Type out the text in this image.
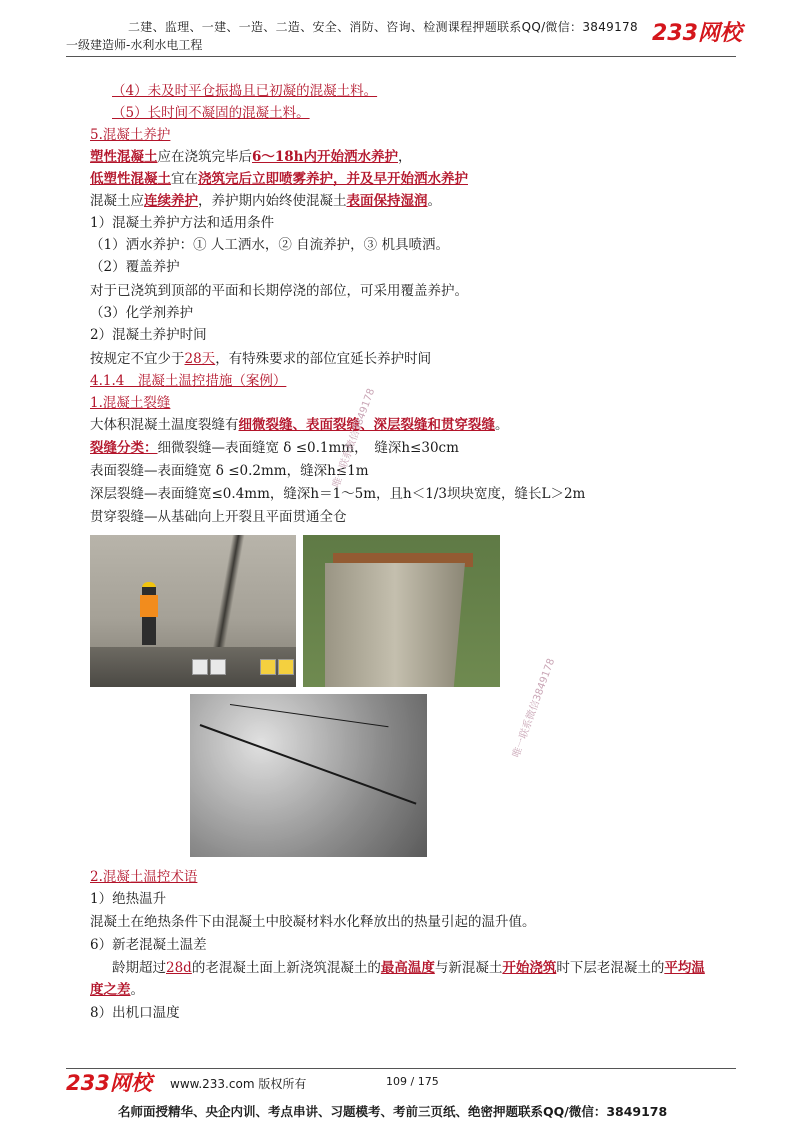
二建、监理、一建、一造、二造、安全、消防、咨询、检测课程押题联系QQ/微信：3849178
一级建造师-水利水电工程	233网校
（4）未及时平仓振捣且已初凝的混凝土料。
（5）长时间不凝固的混凝土料。
5.混凝土养护
塑性混凝土应在浇筑完毕后6～18h内开始洒水养护，
低塑性混凝土宜在浇筑完后立即喷雾养护，并及早开始洒水养护
混凝土应连续养护，养护期内始终使混凝土表面保持湿润。
1）混凝土养护方法和适用条件
（1）洒水养护：① 人工洒水，② 自流养护，③ 机具喷洒。
（2）覆盖养护
对于已浇筑到顶部的平面和长期停浇的部位，可采用覆盖养护。
（3）化学剂养护
2）混凝土养护时间
按规定不宜少于28天，有特殊要求的部位宜延长养护时间
4.1.4　混凝土温控措施（案例）
1.混凝土裂缝
大体积混凝土温度裂缝有细微裂缝、表面裂缝、深层裂缝和贯穿裂缝。
裂缝分类：细微裂缝—表面缝宽 δ ≤0.1mm，　缝深h≤30cm
表面裂缝—表面缝宽 δ ≤0.2mm，缝深h≤1m
深层裂缝—表面缝宽≤0.4mm，缝深h＝1～5m，且h＜1/3坝块宽度，缝长L＞2m
贯穿裂缝—从基础向上开裂且平面贯通全仓
唯一联系微信3849178
唯一联系微信3849178
2.混凝土温控术语
1）绝热温升
混凝土在绝热条件下由混凝土中胶凝材料水化释放出的热量引起的温升值。
6）新老混凝土温差
龄期超过28d的老混凝土面上新浇筑混凝土的最高温度与新混凝土开始浇筑时下层老混凝土的平均温
度之差。
8）出机口温度
233网校 www.233.com 版权所有	109 / 175
名师面授精华、央企内训、考点串讲、习题模考、考前三页纸、绝密押题联系QQ/微信：3849178
